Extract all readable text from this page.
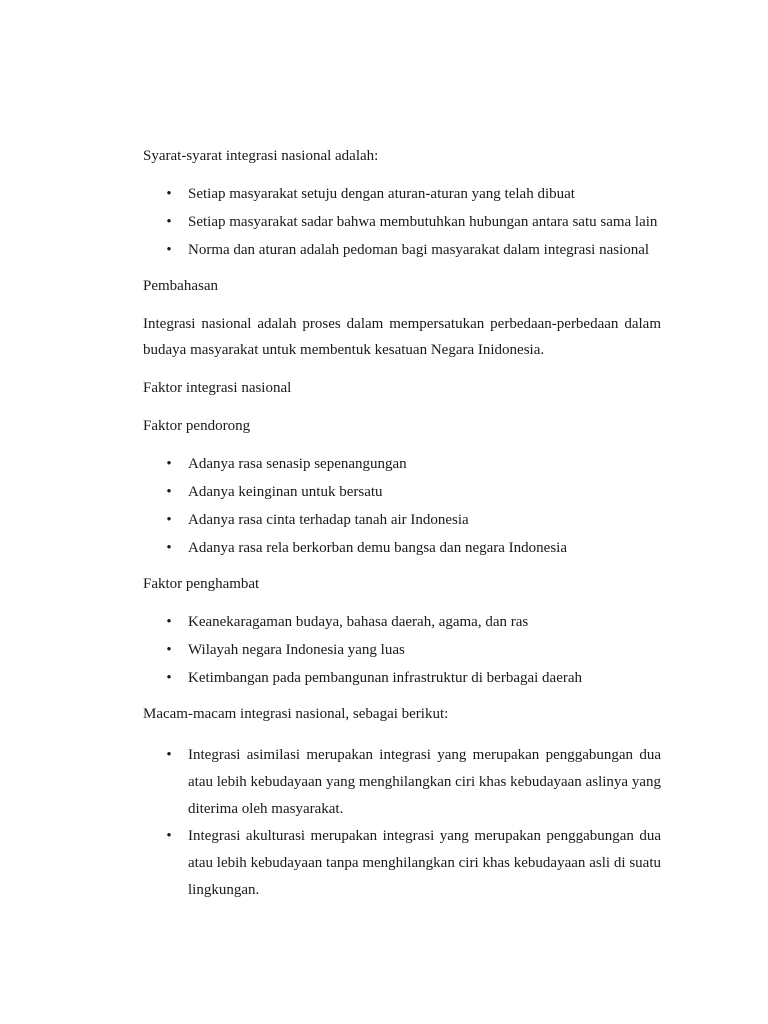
Syarat-syarat integrasi nasional adalah:

• Setiap masyarakat setuju dengan aturan-aturan yang telah dibuat
• Setiap masyarakat sadar bahwa membutuhkan hubungan antara satu sama lain
• Norma dan aturan adalah pedoman bagi masyarakat dalam integrasi nasional

Pembahasan

Integrasi nasional adalah proses dalam mempersatukan perbedaan-perbedaan dalam budaya masyarakat untuk membentuk kesatuan Negara Inidonesia.

Faktor integrasi nasional

Faktor pendorong

• Adanya rasa senasip sepenangungan
• Adanya keinginan untuk bersatu
• Adanya rasa cinta terhadap tanah air Indonesia
• Adanya rasa rela berkorban demu bangsa dan negara Indonesia

Faktor penghambat

• Keanekaragaman budaya, bahasa daerah, agama, dan ras
• Wilayah negara Indonesia yang luas
• Ketimbangan pada pembangunan infrastruktur di berbagai daerah

Macam-macam integrasi nasional, sebagai berikut:

• Integrasi asimilasi merupakan integrasi yang merupakan penggabungan dua atau lebih kebudayaan yang menghilangkan ciri khas kebudayaan aslinya yang diterima oleh masyarakat.
• Integrasi akulturasi merupakan integrasi yang merupakan penggabungan dua atau lebih kebudayaan tanpa menghilangkan ciri khas kebudayaan asli di suatu lingkungan.
